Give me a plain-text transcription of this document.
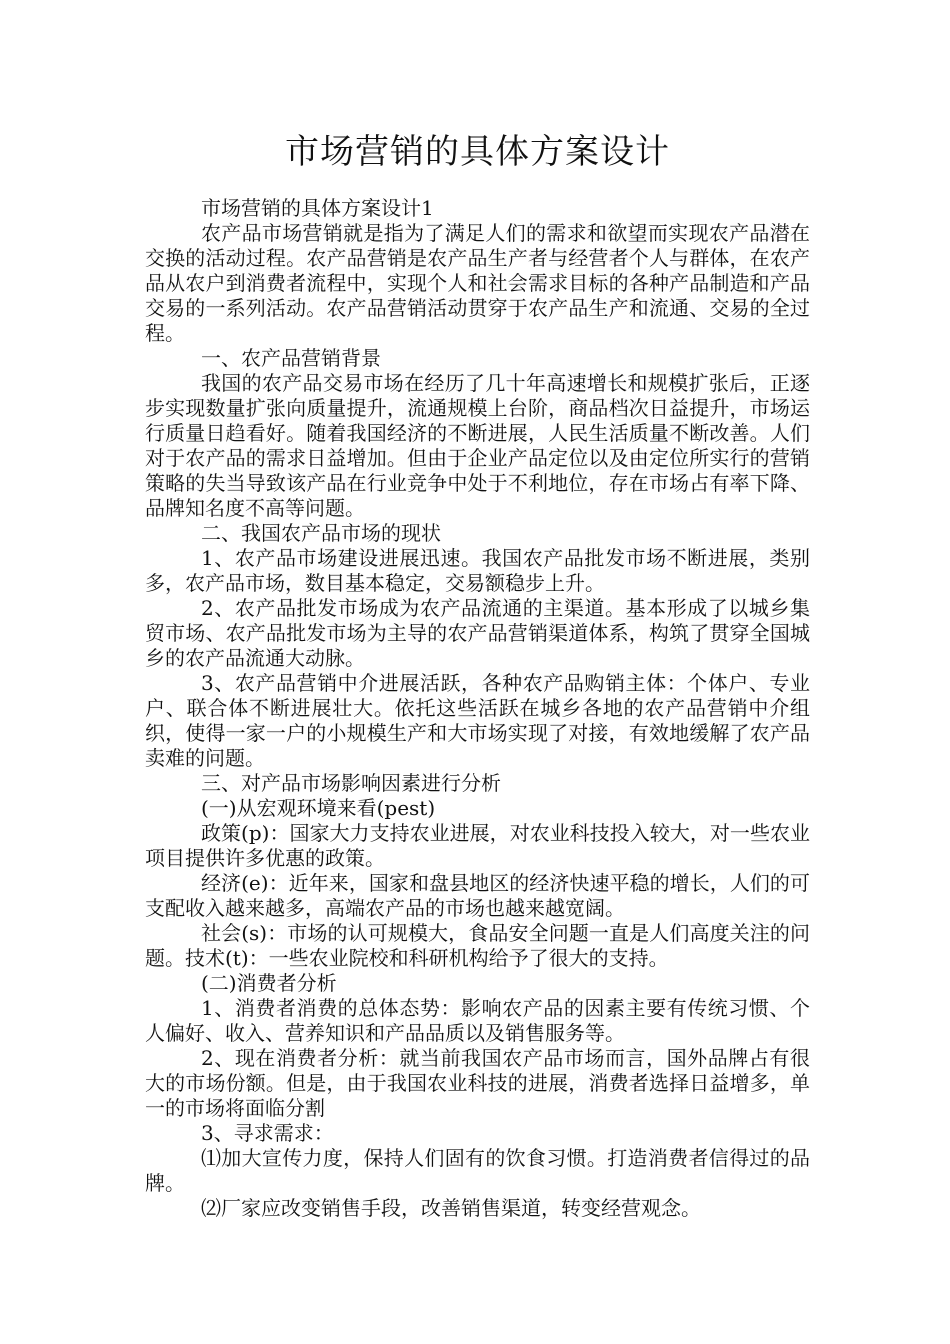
市场营销的具体方案设计

市场营销的具体方案设计1

农产品市场营销就是指为了满足人们的需求和欲望而实现农产品潜在交换的活动过程。农产品营销是农产品生产者与经营者个人与群体，在农产品从农户到消费者流程中，实现个人和社会需求目标的各种产品制造和产品交易的一系列活动。农产品营销活动贯穿于农产品生产和流通、交易的全过程。

一、农产品营销背景

我国的农产品交易市场在经历了几十年高速增长和规模扩张后，正逐步实现数量扩张向质量提升，流通规模上台阶，商品档次日益提升，市场运行质量日趋看好。随着我国经济的不断进展，人民生活质量不断改善。人们对于农产品的需求日益增加。但由于企业产品定位以及由定位所实行的营销策略的失当导致该产品在行业竞争中处于不利地位，存在市场占有率下降、品牌知名度不高等问题。

二、我国农产品市场的现状

1、农产品市场建设进展迅速。我国农产品批发市场不断进展，类别多，农产品市场，数目基本稳定，交易额稳步上升。

2、农产品批发市场成为农产品流通的主渠道。基本形成了以城乡集贸市场、农产品批发市场为主导的农产品营销渠道体系，构筑了贯穿全国城乡的农产品流通大动脉。

3、农产品营销中介进展活跃，各种农产品购销主体：个体户、专业户、联合体不断进展壮大。依托这些活跃在城乡各地的农产品营销中介组织，使得一家一户的小规模生产和大市场实现了对接，有效地缓解了农产品卖难的问题。

三、对产品市场影响因素进行分析

(一)从宏观环境来看(pest)

政策(p)：国家大力支持农业进展，对农业科技投入较大，对一些农业项目提供许多优惠的政策。

经济(e)：近年来，国家和盘县地区的经济快速平稳的增长，人们的可支配收入越来越多，高端农产品的市场也越来越宽阔。

社会(s)：市场的认可规模大，食品安全问题一直是人们高度关注的问题。技术(t)：一些农业院校和科研机构给予了很大的支持。

(二)消费者分析

1、消费者消费的总体态势：影响农产品的因素主要有传统习惯、个人偏好、收入、营养知识和产品品质以及销售服务等。

2、现在消费者分析：就当前我国农产品市场而言，国外品牌占有很大的市场份额。但是，由于我国农业科技的进展，消费者选择日益增多，单一的市场将面临分割

3、寻求需求：

⑴加大宣传力度，保持人们固有的饮食习惯。打造消费者信得过的品牌。

⑵厂家应改变销售手段，改善销售渠道，转变经营观念。
